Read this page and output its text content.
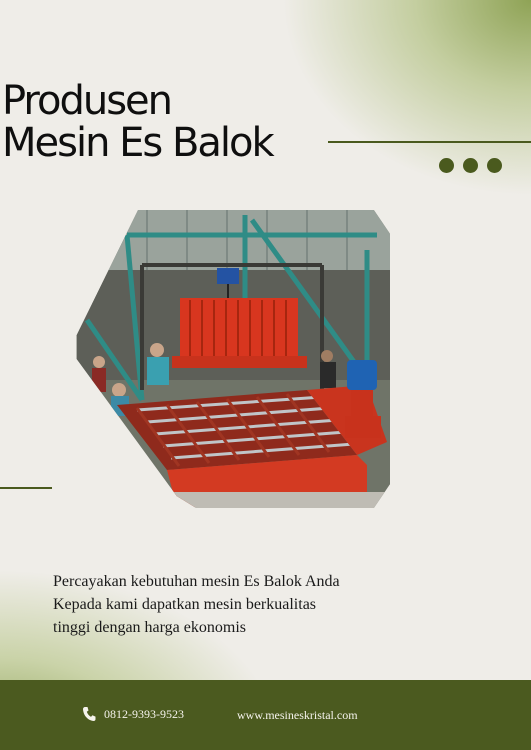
Produsen
Mesin Es Balok
Percayakan kebutuhan mesin Es Balok Anda
Kepada kami dapatkan mesin berkualitas
tinggi dengan harga ekonomis
0812-9393-9523	www.mesineskristal.com
